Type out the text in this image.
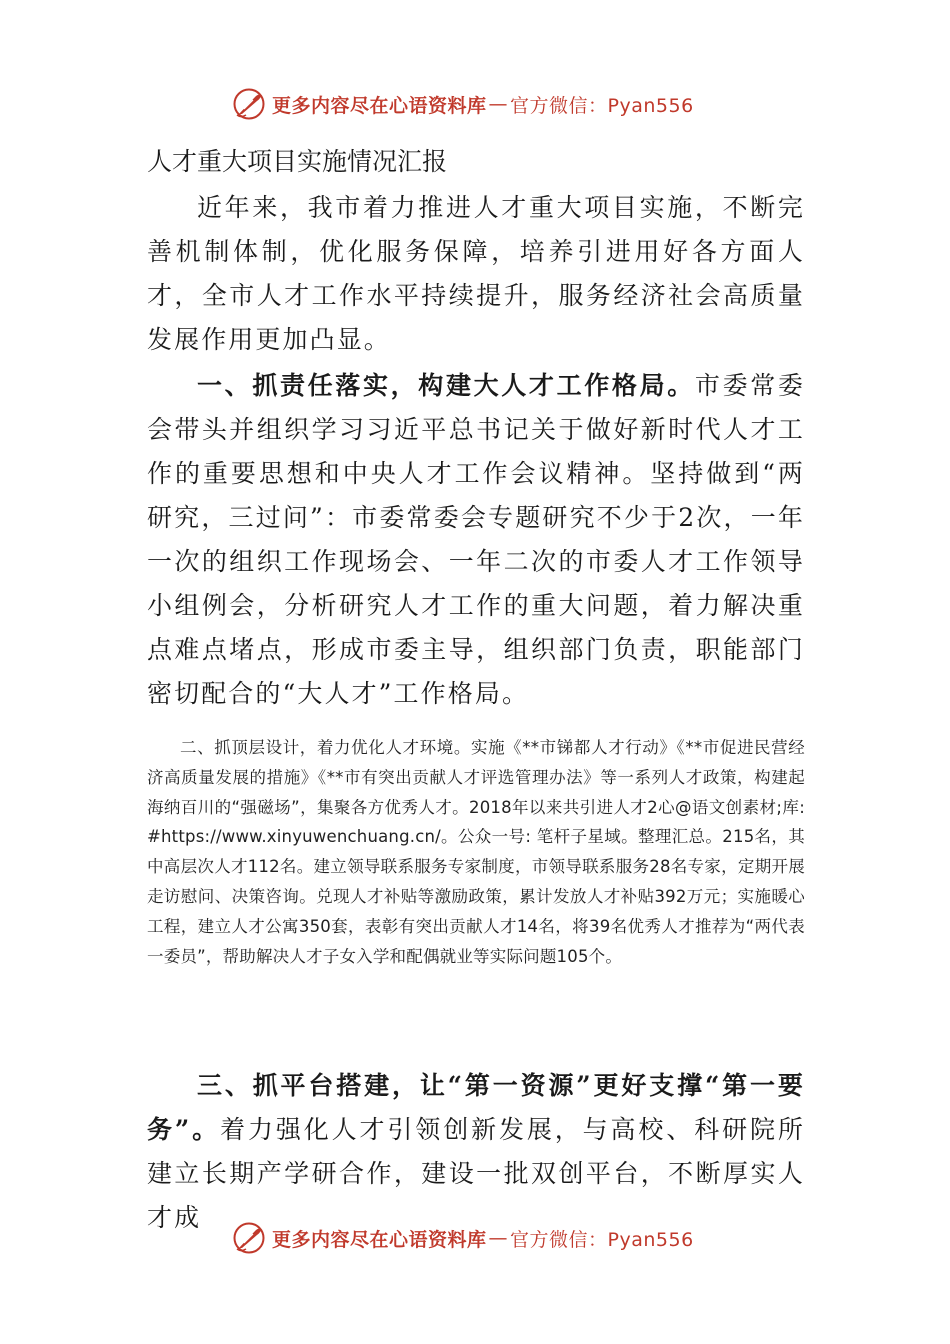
更多内容尽在心语资料库 — 官方微信：Pyan556
人才重大项目实施情况汇报

近年来，我市着力推进人才重大项目实施，不断完善机制体制，优化服务保障，培养引进用好各方面人才，全市人才工作水平持续提升，服务经济社会高质量发展作用更加凸显。

一、抓责任落实，构建大人才工作格局。市委常委会带头并组织学习习近平总书记关于做好新时代人才工作的重要思想和中央人才工作会议精神。坚持做到“两研究，三过问”：市委常委会专题研究不少于2次，一年一次的组织工作现场会、一年二次的市委人才工作领导小组例会，分析研究人才工作的重大问题，着力解决重点难点堵点，形成市委主导，组织部门负责，职能部门密切配合的“大人才”工作格局。

二、抓顶层设计，着力优化人才环境。实施《**市锑都人才行动》《**市促进民营经济高质量发展的措施》《**市有突出贡献人才评选管理办法》等一系列人才政策，构建起海纳百川的“强磁场”，集聚各方优秀人才。2018年以来共引进人才2心@语文创素材;库: #https://www.xinyuwenchuang.cn/。公众一号: 笔杆子星域。整理汇总。215名，其中高层次人才112名。建立领导联系服务专家制度，市领导联系服务28名专家，定期开展走访慰问、决策咨询。兑现人才补贴等激励政策，累计发放人才补贴392万元；实施暖心工程，建立人才公寓350套，表彰有突出贡献人才14名，将39名优秀人才推荐为“两代表一委员”，帮助解决人才子女入学和配偶就业等实际问题105个。

三、抓平台搭建，让“第一资源”更好支撑“第一要务”。着力强化人才引领创新发展，与高校、科研院所建立长期产学研合作，建设一批双创平台，不断厚实人才成

更多内容尽在心语资料库 — 官方微信：Pyan556
